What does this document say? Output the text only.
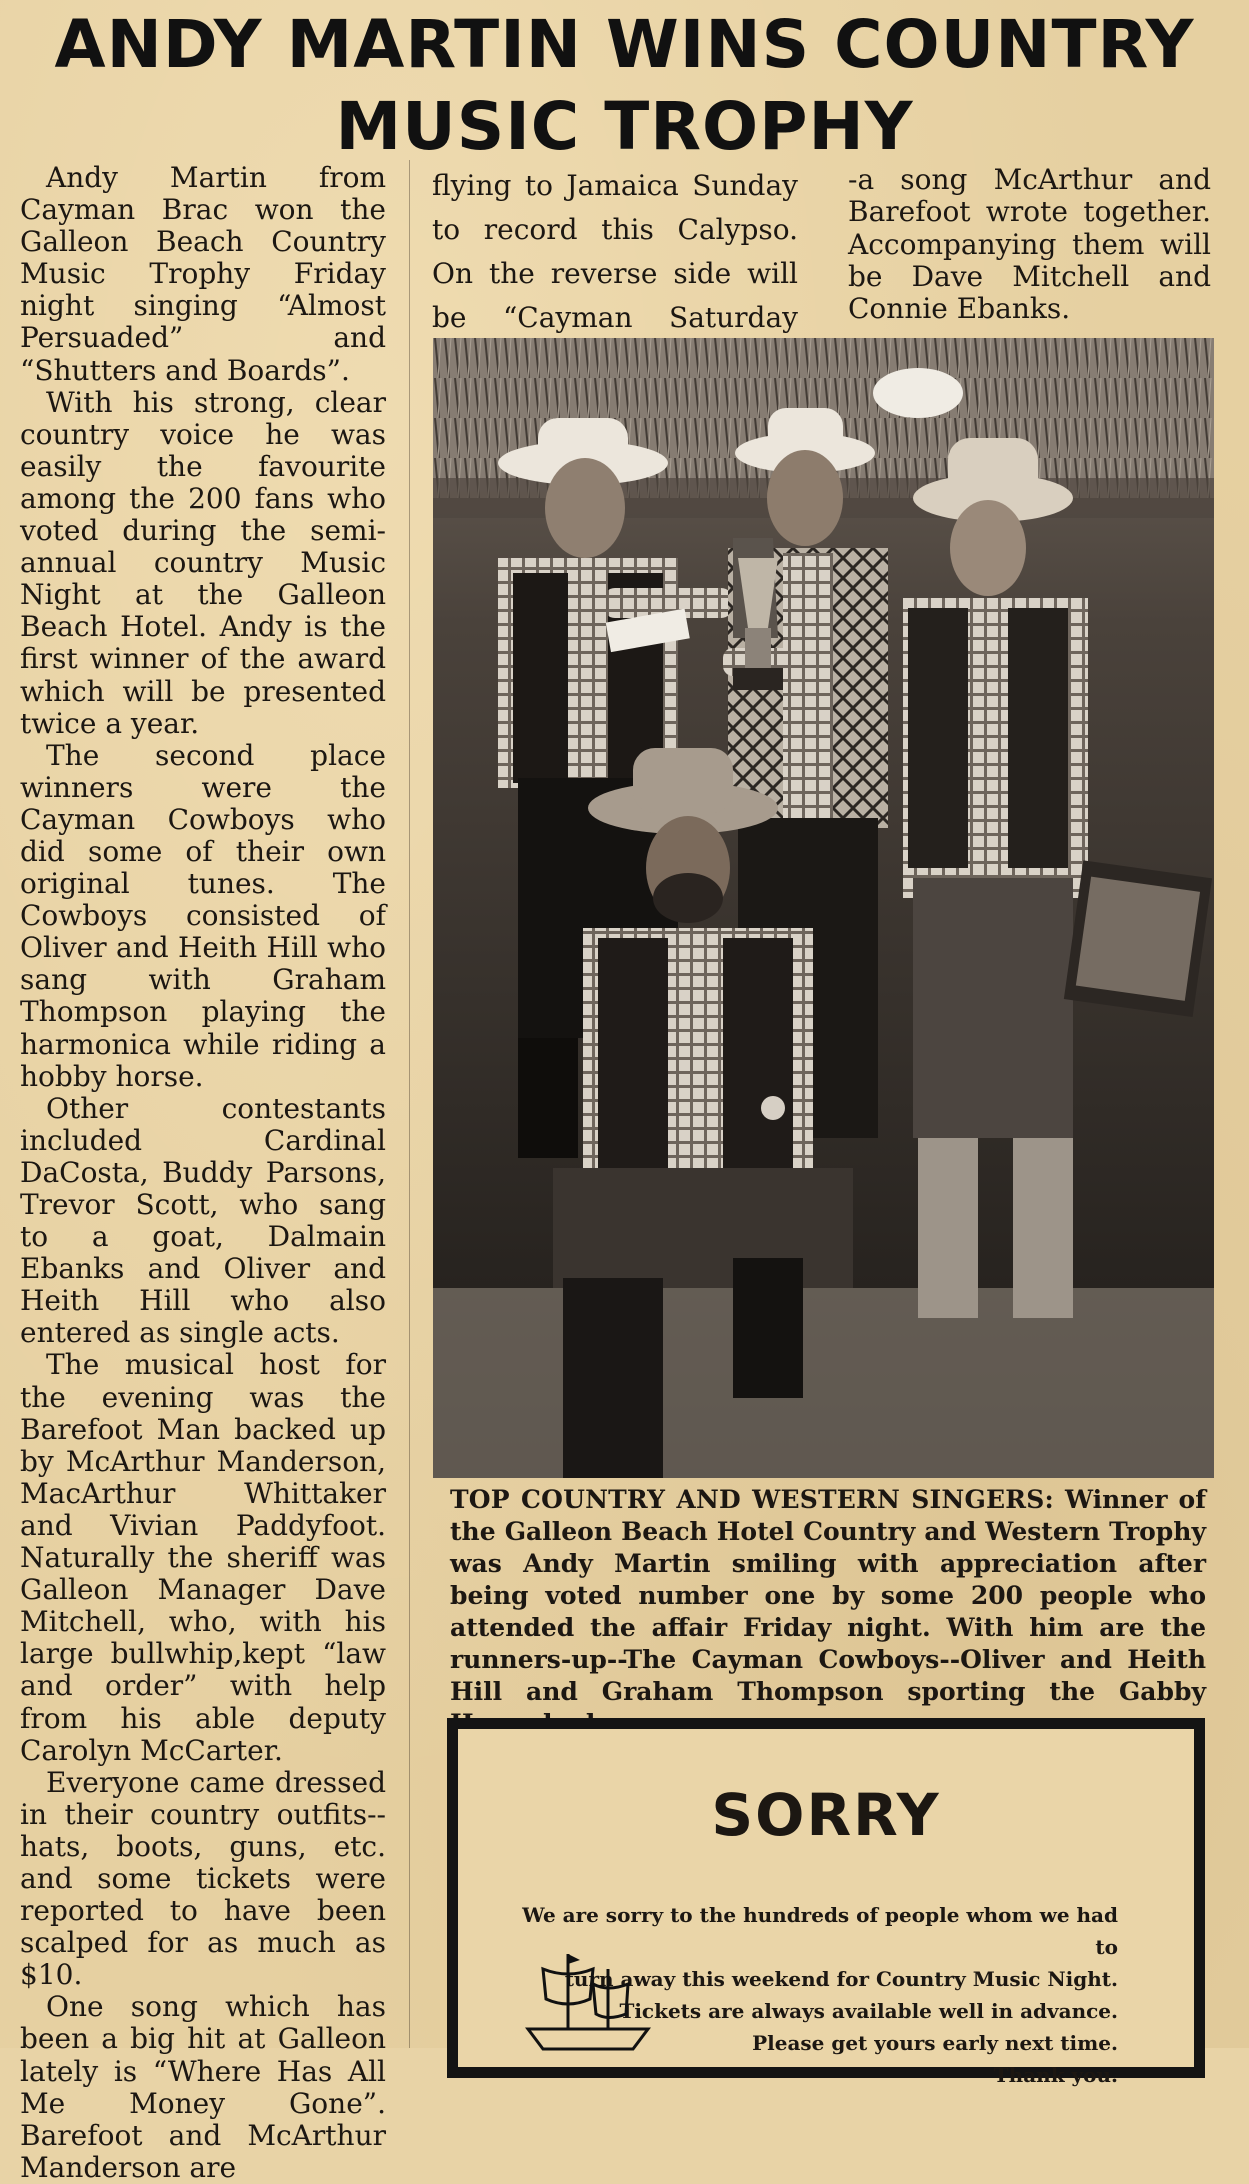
ANDY MARTIN WINS COUNTRY MUSIC TROPHY

Andy Martin from Cayman Brac won the Galleon Beach Country Music Trophy Friday night singing “Almost Persuaded” and “Shutters and Boards”.

With his strong, clear country voice he was easily the favourite among the 200 fans who voted during the semi-annual country Music Night at the Galleon Beach Hotel. Andy is the first winner of the award which will be presented twice a year.

The second place winners were the Cayman Cowboys who did some of their own original tunes. The Cowboys consisted of Oliver and Heith Hill who sang with Graham Thompson playing the harmonica while riding a hobby horse.

Other contestants included Cardinal DaCosta, Buddy Parsons, Trevor Scott, who sang to a goat, Dalmain Ebanks and Oliver and Heith Hill who also entered as single acts.

The musical host for the evening was the Barefoot Man backed up by McArthur Manderson, MacArthur Whittaker and Vivian Paddyfoot. Naturally the sheriff was Galleon Manager Dave Mitchell, who, with his large bullwhip,kept “law and order” with help from his able deputy Carolyn McCarter.

Everyone came dressed in their country outfits-- hats, boots, guns, etc. and some tickets were reported to have been scalped for as much as $10.

One song which has been a big hit at Galleon lately is “Where Has All Me Money Gone”. Barefoot and McArthur Manderson are

flying to Jamaica Sunday to record this Calypso. On the reverse side will be “Cayman Saturday

-a song McArthur and Barefoot wrote together. Accompanying them will be Dave Mitchell and Connie Ebanks.

TOP COUNTRY AND WESTERN SINGERS: Winner of the Galleon Beach Hotel Country and Western Trophy was Andy Martin smiling with appreciation after being voted number one by some 200 people who attended the affair Friday night. With him are the runners-up--The Cayman Cowboys--Oliver and Heith Hill and Graham Thompson sporting the Gabby
SORRY
We are sorry to the hundreds of people whom we had to
turn away this weekend for Country Music Night.
Tickets are always available well in advance.
Please get yours early next time.
Thank you.
